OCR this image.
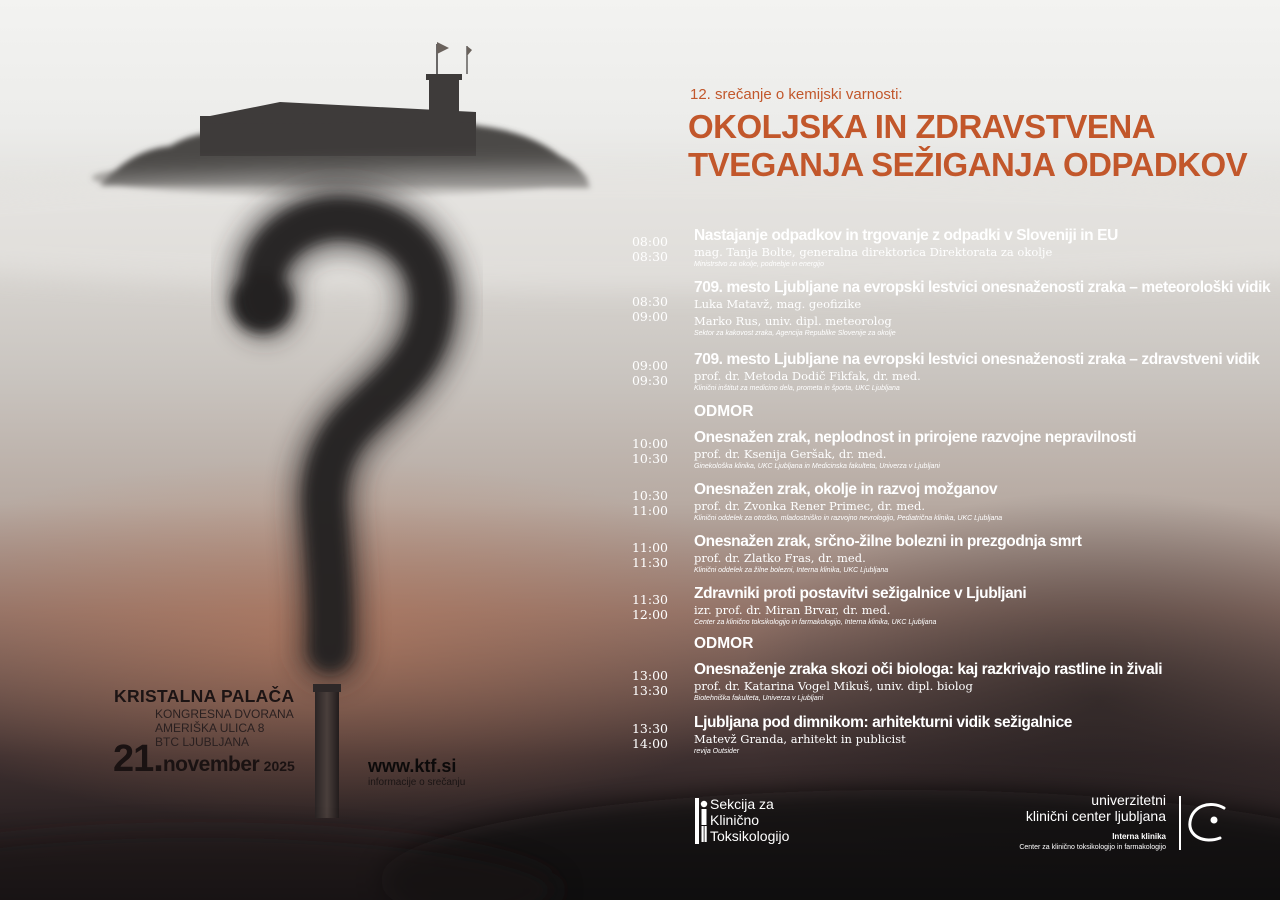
12. srečanje o kemijski varnosti:
OKOLJSKA IN ZDRAVSTVENA
TVEGANJA SEŽIGANJA ODPADKOV
08:00
08:30
Nastajanje odpadkov in trgovanje z odpadki v Sloveniji in EU
mag. Tanja Bolte, generalna direktorica Direktorata za okolje
Ministrstvo za okolje, podnebje in energijo
08:30
09:00
709. mesto Ljubljane na evropski lestvici onesnaženosti zraka – meteorološki vidik
Luka Matavž, mag. geofizike
Marko Rus, univ. dipl. meteorolog
Sektor za kakovost zraka, Agencija Republike Slovenije za okolje
09:00
09:30
709. mesto Ljubljane na evropski lestvici onesnaženosti zraka – zdravstveni vidik
prof. dr. Metoda Dodič Fikfak, dr. med.
Klinični inštitut za medicino dela, prometa in športa, UKC Ljubljana
ODMOR
10:00
10:30
Onesnažen zrak, neplodnost in prirojene razvojne nepravilnosti
prof. dr. Ksenija Geršak, dr. med.
Ginekološka klinika, UKC Ljubljana in Medicinska fakulteta, Univerza v Ljubljani
10:30
11:00
Onesnažen zrak, okolje in razvoj možganov
prof. dr. Zvonka Rener Primec, dr. med.
Klinični oddelek za otroško, mladostniško in razvojno nevrologijo, Pediatrična klinika, UKC Ljubljana
11:00
11:30
Onesnažen zrak, srčno-žilne bolezni in prezgodnja smrt
prof. dr. Zlatko Fras, dr. med.
Klinični oddelek za žilne bolezni, Interna klinika, UKC Ljubljana
11:30
12:00
Zdravniki proti postavitvi sežigalnice v Ljubljani
izr. prof. dr. Miran Brvar, dr. med.
Center za klinično toksikologijo in farmakologijo, Interna klinika, UKC Ljubljana
ODMOR
13:00
13:30
Onesnaženje zraka skozi oči biologa: kaj razkrivajo rastline in živali
prof. dr. Katarina Vogel Mikuš, univ. dipl. biolog
Biotehniška fakulteta, Univerza v Ljubljani
13:30
14:00
Ljubljana pod dimnikom: arhitekturni vidik sežigalnice
Matevž Granda, arhitekt in publicist
revija Outsider
KRISTALNA PALAČA
KONGRESNA DVORANA
AMERIŠKA ULICA 8
BTC LJUBLJANA
21.november 2025	www.ktf.si
informacije o srečanju
Sekcija za
Klinično
Toksikologijo
univerzitetni
klinični center ljubljana
Interna klinika
Center za klinično toksikologijo in farmakologijo
